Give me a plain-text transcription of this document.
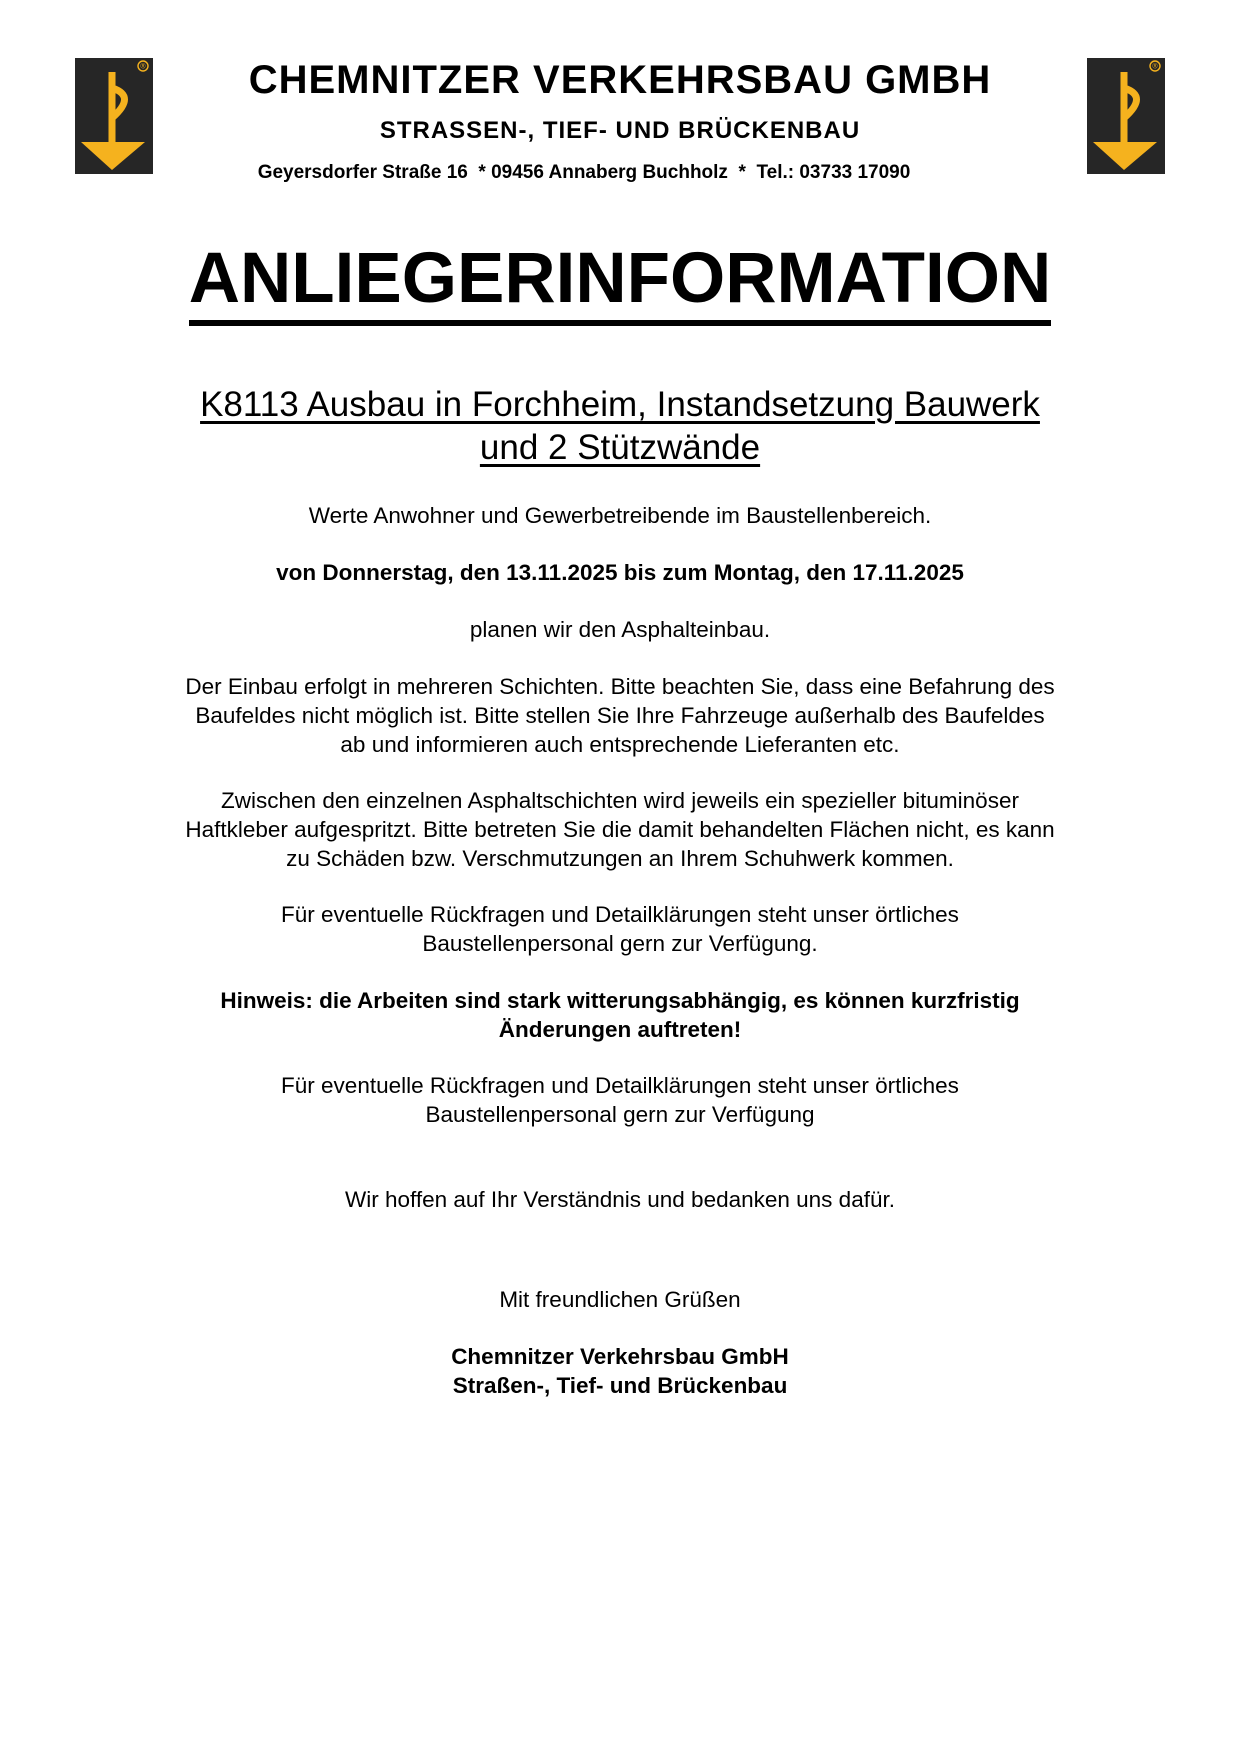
®	®
CHEMNITZER VERKEHRSBAU GMBH
STRASSEN-, TIEF- UND BRÜCKENBAU
Geyersdorfer Straße 16  * 09456 Annaberg Buchholz  *  Tel.: 03733 17090
ANLIEGERINFORMATION
K8113 Ausbau in Forchheim, Instandsetzung Bauwerk
und 2 Stützwände
Werte Anwohner und Gewerbetreibende im Baustellenbereich.
von Donnerstag, den 13.11.2025 bis zum Montag, den 17.11.2025
planen wir den Asphalteinbau.

Der Einbau erfolgt in mehreren Schichten. Bitte beachten Sie, dass eine Befahrung des

Baufeldes nicht möglich ist. Bitte stellen Sie Ihre Fahrzeuge außerhalb des Baufeldes

ab und informieren auch entsprechende Lieferanten etc.

Zwischen den einzelnen Asphaltschichten wird jeweils ein spezieller bituminöser

Haftkleber aufgespritzt. Bitte betreten Sie die damit behandelten Flächen nicht, es kann

zu Schäden bzw. Verschmutzungen an Ihrem Schuhwerk kommen.

Für eventuelle Rückfragen und Detailklärungen steht unser örtliches

Baustellenpersonal gern zur Verfügung.

Hinweis: die Arbeiten sind stark witterungsabhängig, es können kurzfristig

Änderungen auftreten!

Für eventuelle Rückfragen und Detailklärungen steht unser örtliches

Baustellenpersonal gern zur Verfügung

Wir hoffen auf Ihr Verständnis und bedanken uns dafür.
Mit freundlichen Grüßen

Chemnitzer Verkehrsbau GmbH

Straßen-, Tief- und Brückenbau
